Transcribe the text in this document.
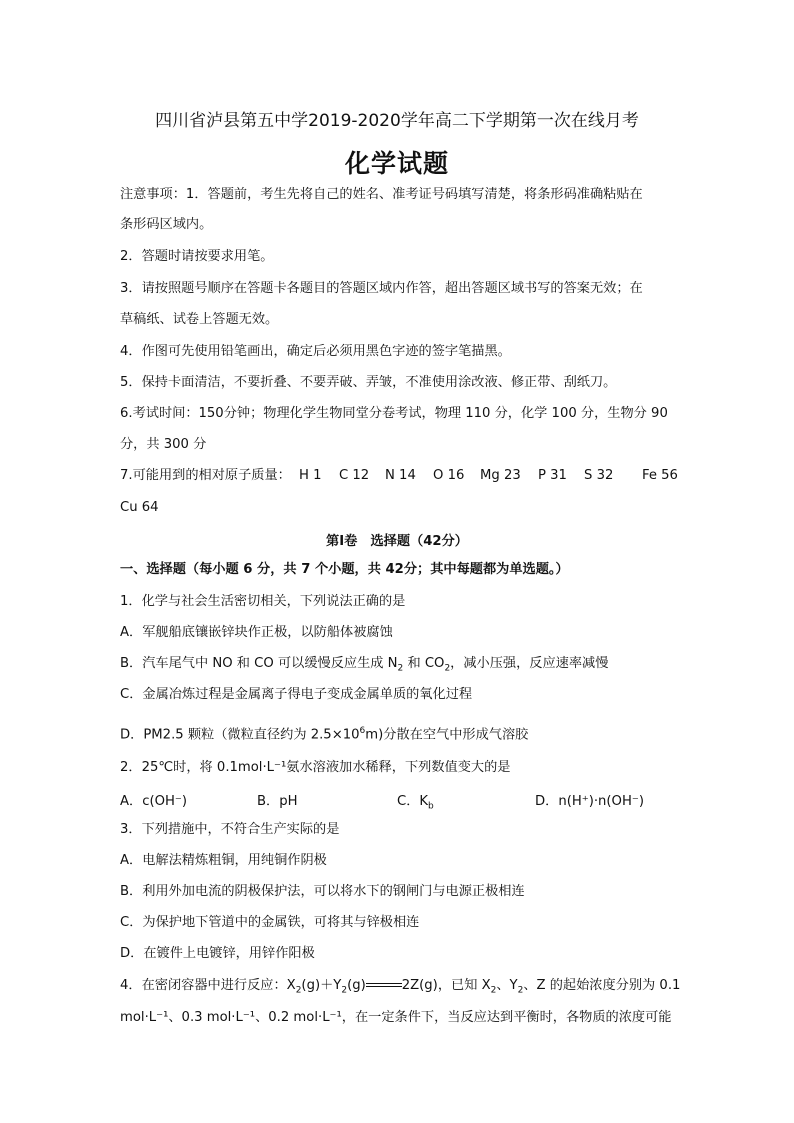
四川省泸县第五中学2019-2020学年高二下学期第一次在线月考
化学试题
注意事项：1．答题前，考生先将自己的姓名、准考证号码填写清楚，将条形码准确粘贴在
条形码区域内。
2．答题时请按要求用笔。
3．请按照题号顺序在答题卡各题目的答题区域内作答，超出答题区域书写的答案无效；在
草稿纸、试卷上答题无效。
4．作图可先使用铅笔画出，确定后必须用黑色字迹的签字笔描黑。
5．保持卡面清洁，不要折叠、不要弄破、弄皱，不准使用涂改液、修正带、刮纸刀。
6.考试时间：150分钟；物理化学生物同堂分卷考试，物理 110 分，化学 100 分，生物分 90
分，共 300 分
7.可能用到的相对原子质量： H 1 C 12 N 14 O 16 Mg 23 P 31 S 32 Fe 56
Cu 64
第Ⅰ卷　选择题（42分）
一、选择题（每小题 6 分，共 7 个小题，共 42分；其中每题都为单选题。）
1．化学与社会生活密切相关，下列说法正确的是
A．军舰船底镶嵌锌块作正极，以防船体被腐蚀
B．汽车尾气中 NO 和 CO 可以缓慢反应生成 $N_2$ 和 $CO_2$，减小压强，反应速率减慢
C．金属冶炼过程是金属离子得电子变成金属单质的氧化过程
D．PM2.5 颗粒（微粒直径约为 $2.5\times 10^6m$)分散在空气中形成气溶胶
2．25℃时，将 0.1mol·L⁻¹氨水溶液加水稀释，下列数值变大的是
A．c(OH⁻)	B．pH	C．$K_b$	D．n(H⁺)·n(OH⁻)
3．下列措施中，不符合生产实际的是
A．电解法精炼粗铜，用纯铜作阴极
B．利用外加电流的阴极保护法，可以将水下的钢闸门与电源正极相连
C．为保护地下管道中的金属铁，可将其与锌极相连
D．在镀件上电镀锌，用锌作阳极
4．在密闭容器中进行反应：$X_2(g)+Y_2(g)$	2Z(g)，已知 $X_2$、$Y_2$、Z 的起始浓度分别为 0.1
mol·L⁻¹、0.3 mol·L⁻¹、0.2 mol·L⁻¹，在一定条件下，当反应达到平衡时，各物质的浓度可能
